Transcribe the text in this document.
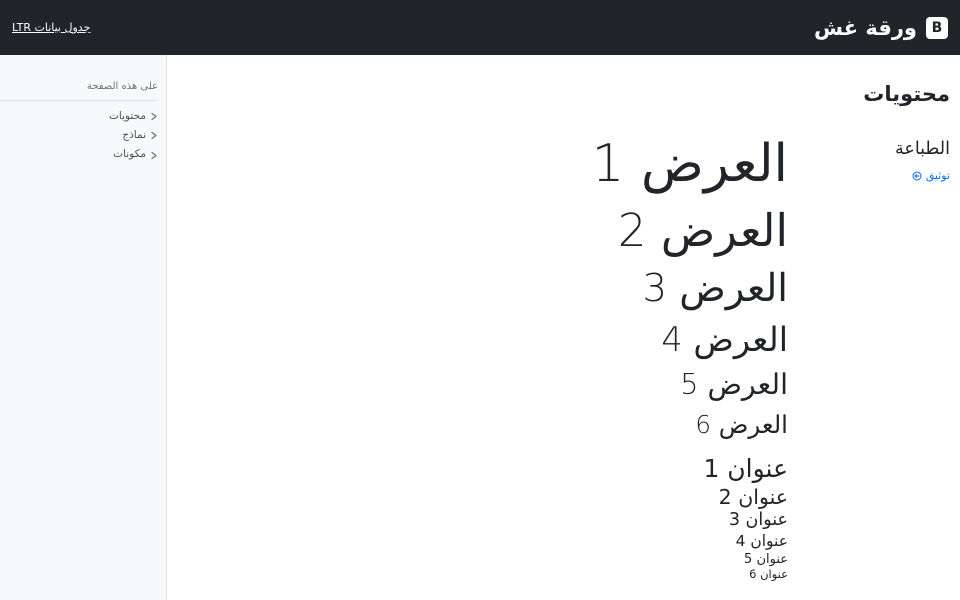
B
ورقة غش
جدول بيانات LTR
على هذه الصفحة
محتويات
نماذج
مكونات
محتويات
الطباعة
توثيق
العرض 1
العرض 2
العرض 3
العرض 4
العرض 5
العرض 6
عنوان 1
عنوان 2
عنوان 3
عنوان 4
عنوان 5
عنوان 6
